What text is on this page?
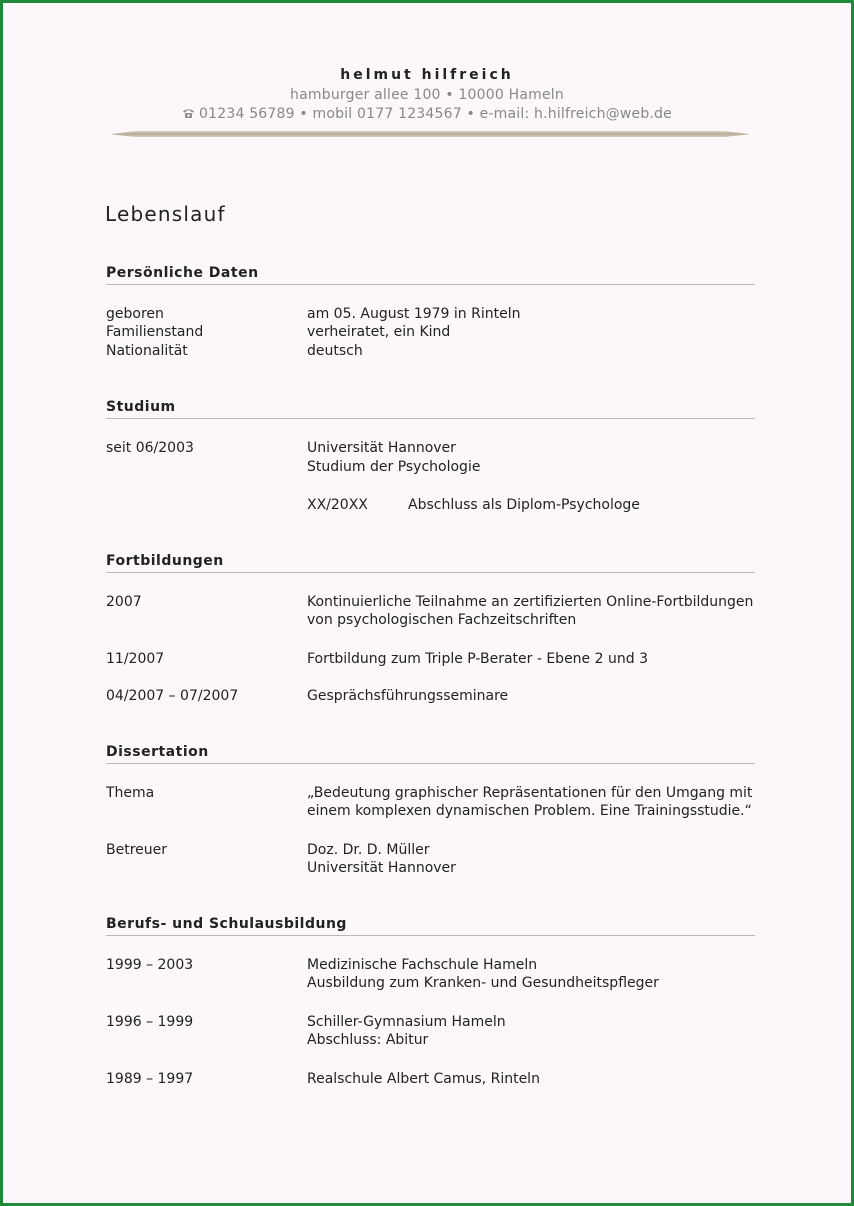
helmut hilfreich
hamburger allee 100 • 10000 Hameln
01234 56789 • mobil 0177 1234567 • e-mail: h.hilfreich@web.de
Lebenslauf
Persönliche Daten
geboren	am 05. August 1979 in Rinteln
Familienstand	verheiratet, ein Kind
Nationalität	deutsch
Studium
seit 06/2003	Universität Hannover
Studium der Psychologie
XX/20XX	Abschluss als Diplom-Psychologe
Fortbildungen
2007	Kontinuierliche Teilnahme an zertifizierten Online-Fortbildungen
von psychologischen Fachzeitschriften
11/2007	Fortbildung zum Triple P-Berater - Ebene 2 und 3
04/2007 – 07/2007	Gesprächsführungsseminare
Dissertation
Thema	„Bedeutung graphischer Repräsentationen für den Umgang mit
einem komplexen dynamischen Problem. Eine Trainingsstudie.“
Betreuer	Doz. Dr. D. Müller
Universität Hannover
Berufs- und Schulausbildung
1999 – 2003	Medizinische Fachschule Hameln
Ausbildung zum Kranken- und Gesundheitspfleger
1996 – 1999	Schiller-Gymnasium Hameln
Abschluss: Abitur
1989 – 1997	Realschule Albert Camus, Rinteln
